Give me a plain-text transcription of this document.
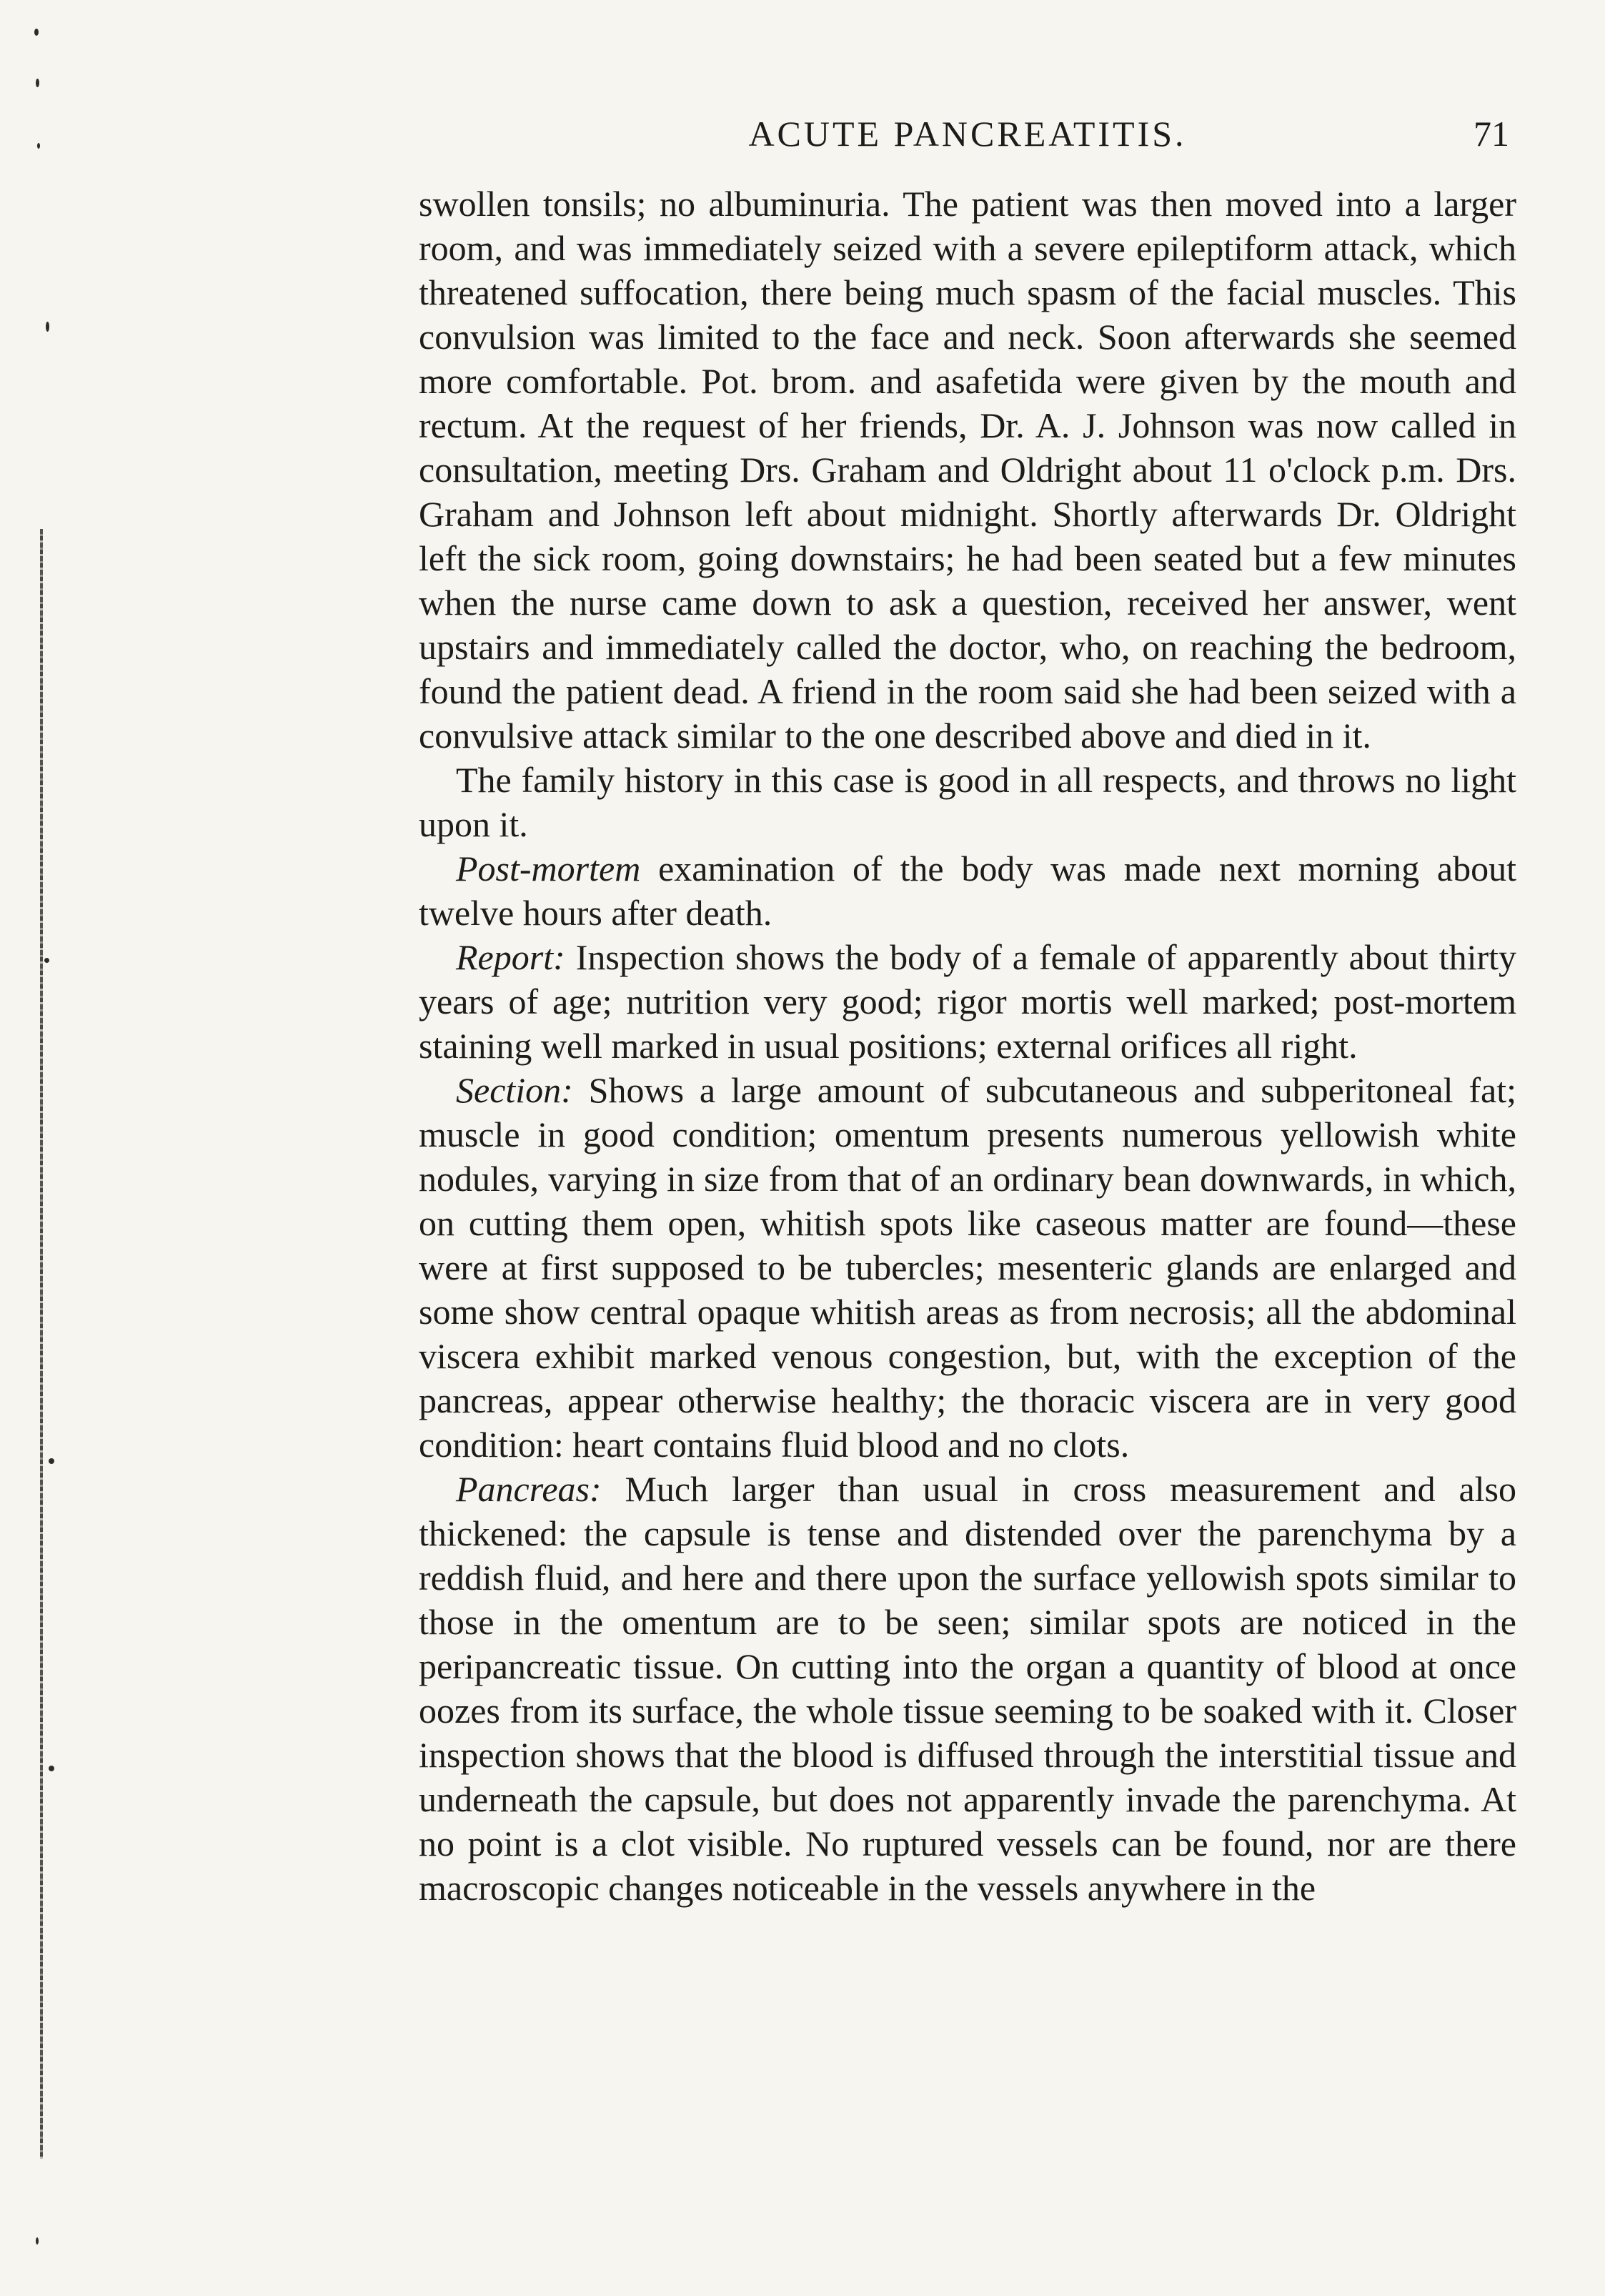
ACUTE PANCREATITIS.	71

swollen tonsils; no albuminuria. The patient was then moved into a larger room, and was immediately seized with a severe epileptiform attack, which threatened suffocation, there being much spasm of the facial muscles. This convulsion was limited to the face and neck. Soon afterwards she seemed more comfortable. Pot. brom. and asafetida were given by the mouth and rectum. At the request of her friends, Dr. A. J. Johnson was now called in consultation, meeting Drs. Graham and Oldright about 11 o'clock p.m. Drs. Graham and Johnson left about midnight. Shortly afterwards Dr. Oldright left the sick room, going downstairs; he had been seated but a few minutes when the nurse came down to ask a question, received her answer, went upstairs and immediately called the doctor, who, on reaching the bedroom, found the patient dead. A friend in the room said she had been seized with a convulsive attack similar to the one described above and died in it.

The family history in this case is good in all respects, and throws no light upon it.

Post-mortem examination of the body was made next morning about twelve hours after death.

Report: Inspection shows the body of a female of apparently about thirty years of age; nutrition very good; rigor mortis well marked; post-mortem staining well marked in usual positions; external orifices all right.

Section: Shows a large amount of subcutaneous and subperitoneal fat; muscle in good condition; omentum presents numerous yellowish white nodules, varying in size from that of an ordinary bean downwards, in which, on cutting them open, whitish spots like caseous matter are found—these were at first supposed to be tubercles; mesenteric glands are enlarged and some show central opaque whitish areas as from necrosis; all the abdominal viscera exhibit marked venous congestion, but, with the exception of the pancreas, appear otherwise healthy; the thoracic viscera are in very good condition: heart contains fluid blood and no clots.

Pancreas: Much larger than usual in cross measurement and also thickened: the capsule is tense and distended over the parenchyma by a reddish fluid, and here and there upon the surface yellowish spots similar to those in the omentum are to be seen; similar spots are noticed in the peripancreatic tissue. On cutting into the organ a quantity of blood at once oozes from its surface, the whole tissue seeming to be soaked with it. Closer inspection shows that the blood is diffused through the interstitial tissue and underneath the capsule, but does not apparently invade the parenchyma. At no point is a clot visible. No ruptured vessels can be found, nor are there macroscopic changes noticeable in the vessels anywhere in the
